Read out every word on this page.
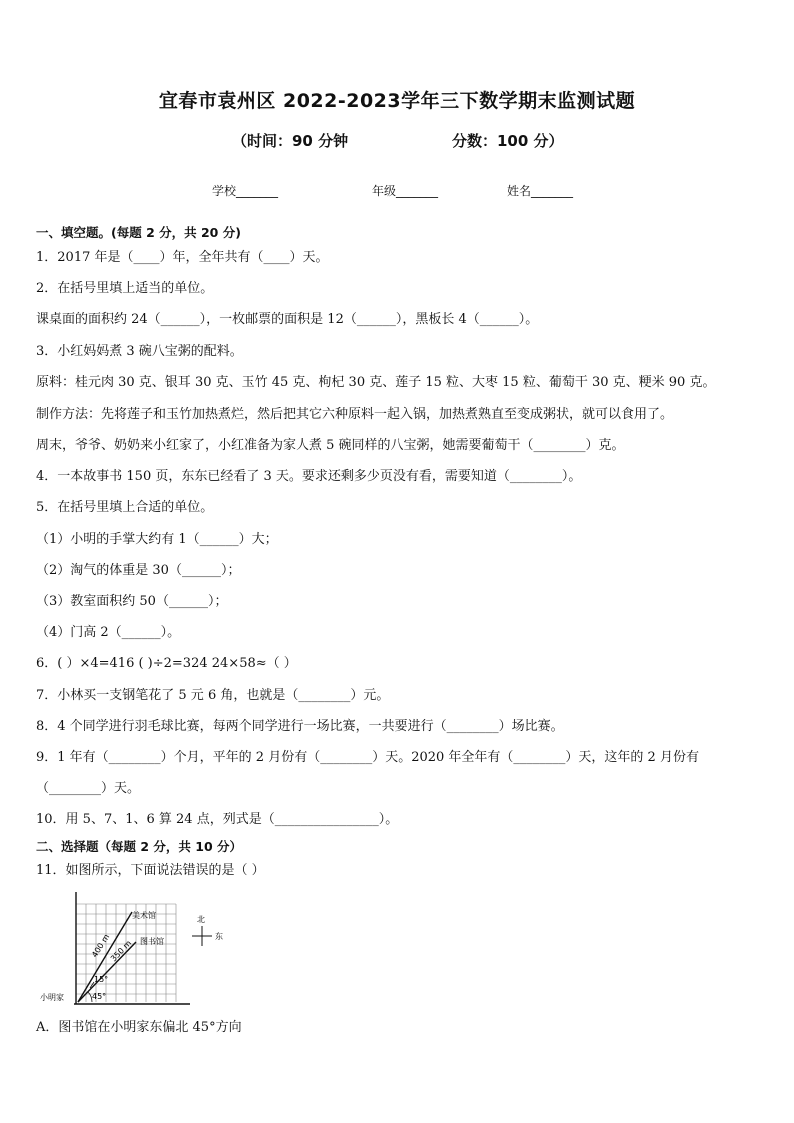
宜春市袁州区 2022-2023学年三下数学期末监测试题
（时间：90 分钟	分数：100 分）
学校_______	年级_______	姓名_______
一、填空题。(每题 2 分，共 20 分)
1．2017 年是（____）年，全年共有（____）天。
2．在括号里填上适当的单位。
课桌面的面积约 24（______），一枚邮票的面积是 12（______），黑板长 4（______）。
3．小红妈妈煮 3 碗八宝粥的配料。
原料：桂元肉 30 克、银耳 30 克、玉竹 45 克、枸杞 30 克、莲子 15 粒、大枣 15 粒、葡萄干 30 克、粳米 90 克。
制作方法：先将莲子和玉竹加热煮烂，然后把其它六种原料一起入锅，加热煮熟直至变成粥状，就可以食用了。
周末，爷爷、奶奶来小红家了，小红准备为家人煮 5 碗同样的八宝粥，她需要葡萄干（________）克。
4．一本故事书 150 页，东东已经看了 3 天。要求还剩多少页没有看，需要知道（________）。
5．在括号里填上合适的单位。
（1）小明的手掌大约有 1（______）大；
（2）淘气的体重是 30（______）；
（3）教室面积约 50（______）；
（4）门高 2（______）。
6．( ）×4=416 ( )÷2=324 24×58≈（ ）
7．小林买一支钢笔花了 5 元 6 角，也就是（________）元。
8．4 个同学进行羽毛球比赛，每两个同学进行一场比赛，一共要进行（________）场比赛。
9．1 年有（________）个月，平年的 2 月份有（________）天。2020 年全年有（________）天，这年的 2 月份有
（________）天。
10．用 5、7、1、6 算 24 点，列式是（________________）。
二、选择题（每题 2 分，共 10 分）
11．如图所示，下面说法错误的是（ ）
400 m
350 m
15°
45°
美术馆
图书馆
小明家
北
东
A．图书馆在小明家东偏北 45°方向
